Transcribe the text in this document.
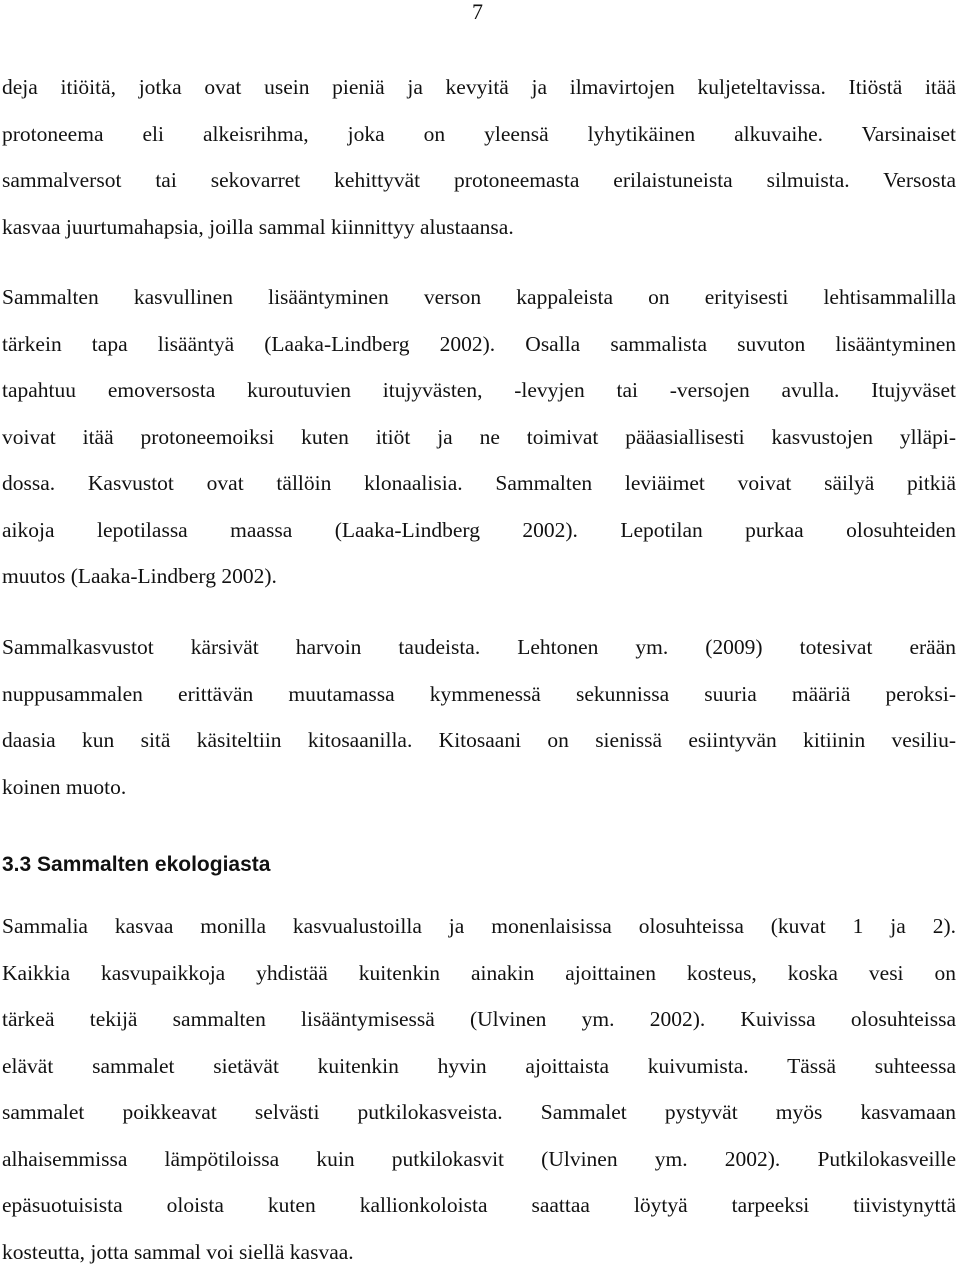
7
deja itiöitä, jotka ovat usein pieniä ja kevyitä ja ilmavirtojen kuljeteltavissa. Itiöstä itää
protoneema eli alkeisrihma, joka on yleensä lyhytikäinen alkuvaihe. Varsinaiset
sammalversot tai sekovarret kehittyvät protoneemasta erilaistuneista silmuista. Versosta
kasvaa juurtumahapsia, joilla sammal kiinnittyy alustaansa.
Sammalten kasvullinen lisääntyminen verson kappaleista on erityisesti lehtisammalilla
tärkein tapa lisääntyä (Laaka-Lindberg 2002). Osalla sammalista suvuton lisääntyminen
tapahtuu emoversosta kuroutuvien itujyvästen, -levyjen tai -versojen avulla. Itujyväset
voivat itää protoneemoiksi kuten itiöt ja ne toimivat pääasiallisesti kasvustojen ylläpi-
dossa. Kasvustot ovat tällöin klonaalisia. Sammalten leviäimet voivat säilyä pitkiä
aikoja lepotilassa maassa (Laaka-Lindberg 2002). Lepotilan purkaa olosuhteiden
muutos (Laaka-Lindberg 2002).
Sammalkasvustot kärsivät harvoin taudeista. Lehtonen ym. (2009) totesivat erään
nuppusammalen erittävän muutamassa kymmenessä sekunnissa suuria määriä peroksi-
daasia kun sitä käsiteltiin kitosaanilla. Kitosaani on sienissä esiintyvän kitiinin vesiliu-
koinen muoto.
3.3 Sammalten ekologiasta
Sammalia kasvaa monilla kasvualustoilla ja monenlaisissa olosuhteissa (kuvat 1 ja 2).
Kaikkia kasvupaikkoja yhdistää kuitenkin ainakin ajoittainen kosteus, koska vesi on
tärkeä tekijä sammalten lisääntymisessä (Ulvinen ym. 2002). Kuivissa olosuhteissa
elävät sammalet sietävät kuitenkin hyvin ajoittaista kuivumista. Tässä suhteessa
sammalet poikkeavat selvästi putkilokasveista. Sammalet pystyvät myös kasvamaan
alhaisemmissa lämpötiloissa kuin putkilokasvit (Ulvinen ym. 2002). Putkilokasveille
epäsuotuisista oloista kuten kallionkoloista saattaa löytyä tarpeeksi tiivistynyttä
kosteutta, jotta sammal voi siellä kasvaa.
